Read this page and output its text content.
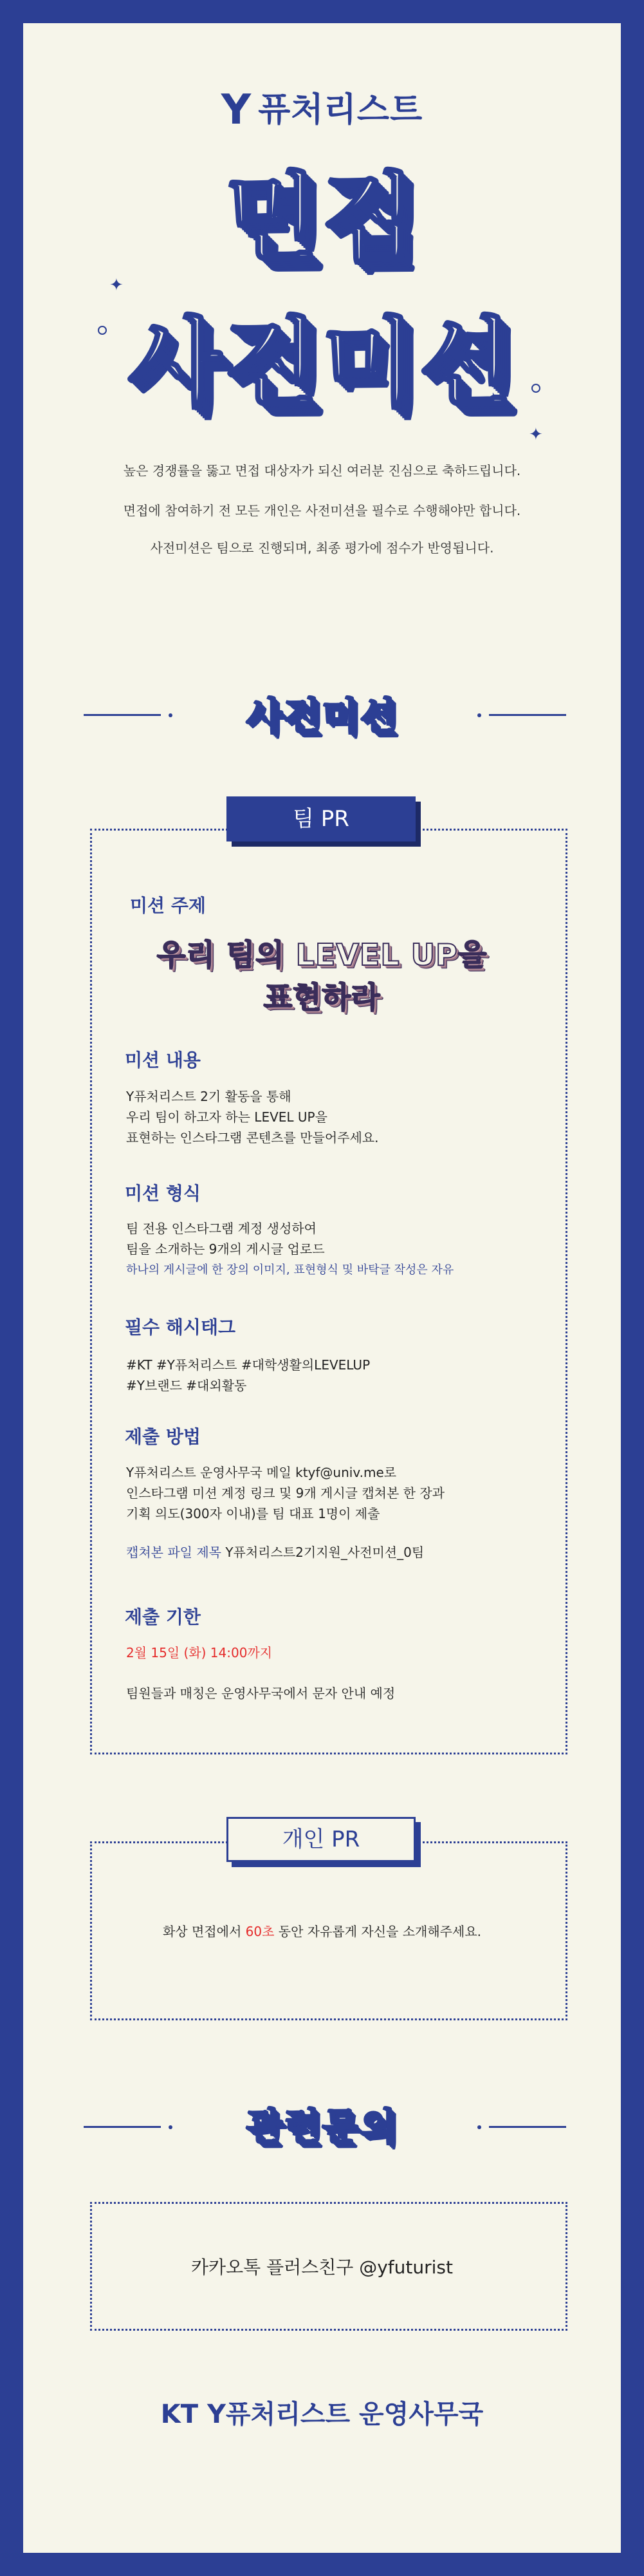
Y 퓨처리스트
면접
사전미션
✦
✦
높은 경쟁률을 뚫고 면접 대상자가 되신 여러분 진심으로 축하드립니다.
면접에 참여하기 전 모든 개인은 사전미션을 필수로 수행해야만 합니다.
사전미션은 팀으로 진행되며, 최종 평가에 점수가 반영됩니다.
사전미션
팀 PR
미션 주제
우리 팀의 LEVEL UP을
표현하라
미션 내용
Y퓨처리스트 2기 활동을 통해
우리 팀이 하고자 하는 LEVEL UP을
표현하는 인스타그램 콘텐츠를 만들어주세요.
미션 형식
팀 전용 인스타그램 계정 생성하여
팀을 소개하는 9개의 게시글 업로드
하나의 게시글에 한 장의 이미지, 표현형식 및 바탁글 작성은 자유
필수 해시태그
#KT #Y퓨처리스트 #대학생활의LEVELUP
#Y브랜드 #대외활동
제출 방법
Y퓨처리스트 운영사무국 메일 ktyf@univ.me로
인스타그램 미션 계정 링크 및 9개 게시글 캡쳐본 한 장과
기획 의도(300자 이내)를 팀 대표 1명이 제출
캡쳐본 파일 제목 Y퓨처리스트2기지원_사전미션_0팀
제출 기한
2월 15일 (화) 14:00까지
팀원들과 매칭은 운영사무국에서 문자 안내 예정
개인 PR
화상 면접에서 60초 동안 자유롭게 자신을 소개해주세요.
관련문의
카카오톡 플러스친구 @yfuturist
KT Y퓨처리스트 운영사무국
